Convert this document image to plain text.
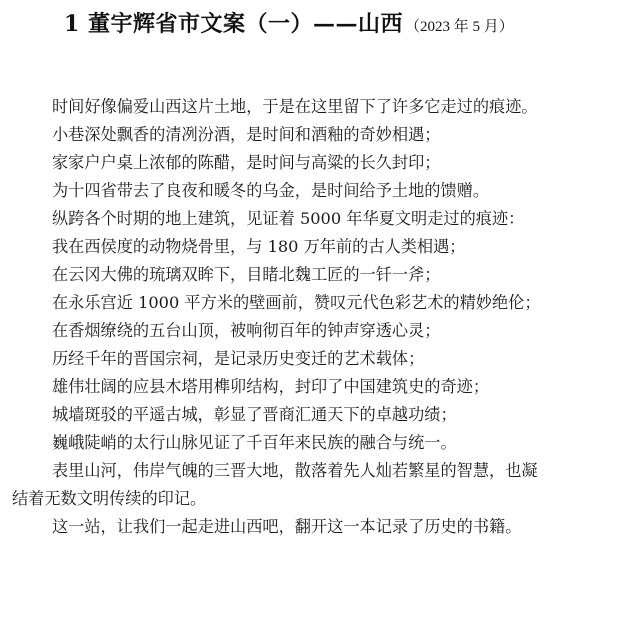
1 董宇辉省市文案（一）——山西 （2023 年 5 月）
时间好像偏爱山西这片土地，于是在这里留下了许多它走过的痕迹。
小巷深处飘香的清冽汾酒，是时间和酒釉的奇妙相遇；
家家户户桌上浓郁的陈醋，是时间与高粱的长久封印；
为十四省带去了良夜和暖冬的乌金，是时间给予土地的馈赠。
纵跨各个时期的地上建筑，见证着 5000 年华夏文明走过的痕迹：
我在西侯度的动物烧骨里，与 180 万年前的古人类相遇；
在云冈大佛的琉璃双眸下，目睹北魏工匠的一钎一斧；
在永乐宫近 1000 平方米的壁画前，赞叹元代色彩艺术的精妙绝伦；
在香烟缭绕的五台山顶，被响彻百年的钟声穿透心灵；
历经千年的晋国宗祠，是记录历史变迁的艺术载体；
雄伟壮阔的应县木塔用榫卯结构，封印了中国建筑史的奇迹；
城墙斑驳的平遥古城，彰显了晋商汇通天下的卓越功绩；
巍峨陡峭的太行山脉见证了千百年来民族的融合与统一。
表里山河，伟岸气魄的三晋大地，散落着先人灿若繁星的智慧，也凝
结着无数文明传续的印记。
这一站，让我们一起走进山西吧，翻开这一本记录了历史的书籍。
